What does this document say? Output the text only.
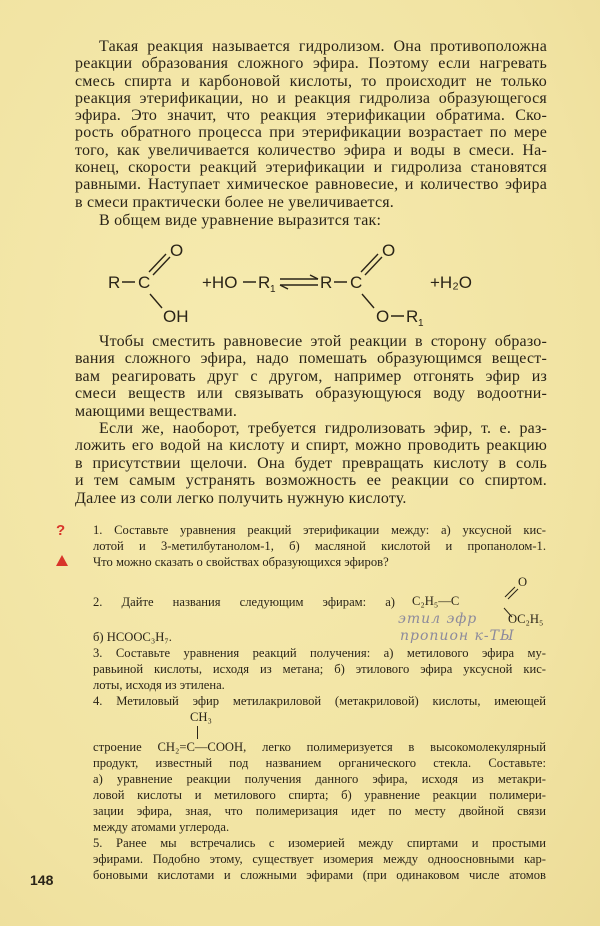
Такая реакция называется гидролизом. Она противоположна
реакции образования сложного эфира. Поэтому если нагревать
смесь спирта и карбоновой кислоты, то происходит не только
реакция этерификации, но и реакция гидролиза образующегося
эфира. Это значит, что реакция этерификации обратима. Ско-
рость обратного процесса при этерификации возрастает по мере
того, как увеличивается количество эфира и воды в смеси. На-
конец, скорости реакций этерификации и гидролиза становятся
равными. Наступает химическое равновесие, и количество эфира
в смеси практически более не увеличивается.
В общем виде уравнение выразится так:
R C
O
OH
+HO R 1	R C
O
O R 1
+H₂O
Чтобы сместить равновесие этой реакции в сторону образо-
вания сложного эфира, надо помешать образующимся вещест-
вам реагировать друг с другом, например отгонять эфир из
смеси веществ или связывать образующуюся воду водоотни-
мающими веществами.
Если же, наоборот, требуется гидролизовать эфир, т. е. раз-
ложить его водой на кислоту и спирт, можно проводить реакцию
в присутствии щелочи. Она будет превращать кислоту в соль
и тем самым устранять возможность ее реакции со спиртом.
Далее из соли легко получить нужную кислоту.
? 1. Составьте уравнения реакций этерификации между: а) уксусной кис-
лотой и 3-метилбутанолом-1, б) масляной кислотой и пропанолом-1.
Что можно сказать о свойствах образующихся эфиров?
2. Дайте названия следующим эфирам: а) C₂H₅—C
O
OC₂H₅
этил эфр
пропион к-ТЫ
б) HCOOC₃H₇.
3. Составьте уравнения реакций получения: а) метилового эфира му-
равьиной кислоты, исходя из метана; б) этилового эфира уксусной кис-
лоты, исходя из этилена.
4. Метиловый эфир метилакриловой (метакриловой) кислоты, имеющей
CH₃
строение CH₂=C—COOH, легко полимеризуется в высокомолекулярный
продукт, известный под названием органического стекла. Составьте:
а) уравнение реакции получения данного эфира, исходя из метакри-
ловой кислоты и метилового спирта; б) уравнение реакции полимери-
зации эфира, зная, что полимеризация идет по месту двойной связи
между атомами углерода.
5. Ранее мы встречались с изомерией между спиртами и простыми
эфирами. Подобно этому, существует изомерия между одноосновными кар-
боновыми кислотами и сложными эфирами (при одинаковом числе атомов
148
